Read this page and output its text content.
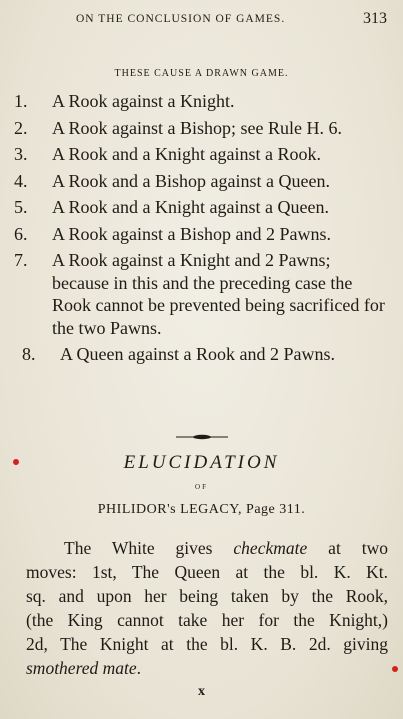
ON THE CONCLUSION OF GAMES.	313
THESE CAUSE A DRAWN GAME.
1.	A Rook against a Knight.
2.	A Rook against a Bishop; see Rule H. 6.
3.	A Rook and a Knight against a Rook.
4.	A Rook and a Bishop against a Queen.
5.	A Rook and a Knight against a Queen.
6.	A Rook against a Bishop and 2 Pawns.
7.	A Rook against a Knight and 2 Pawns; because in this and the preceding case the Rook cannot be prevented being sacrificed for the two Pawns.
8.	A Queen against a Rook and 2 Pawns.
ELUCIDATION
OF
PHILIDOR's LEGACY, Page 311.
The White gives checkmate at two
moves: 1st, The Queen at the bl. K. Kt.
sq. and upon her being taken by the Rook,
(the King cannot take her for the Knight,)
2d, The Knight at the bl. K. B. 2d. giving
smothered mate.
x
